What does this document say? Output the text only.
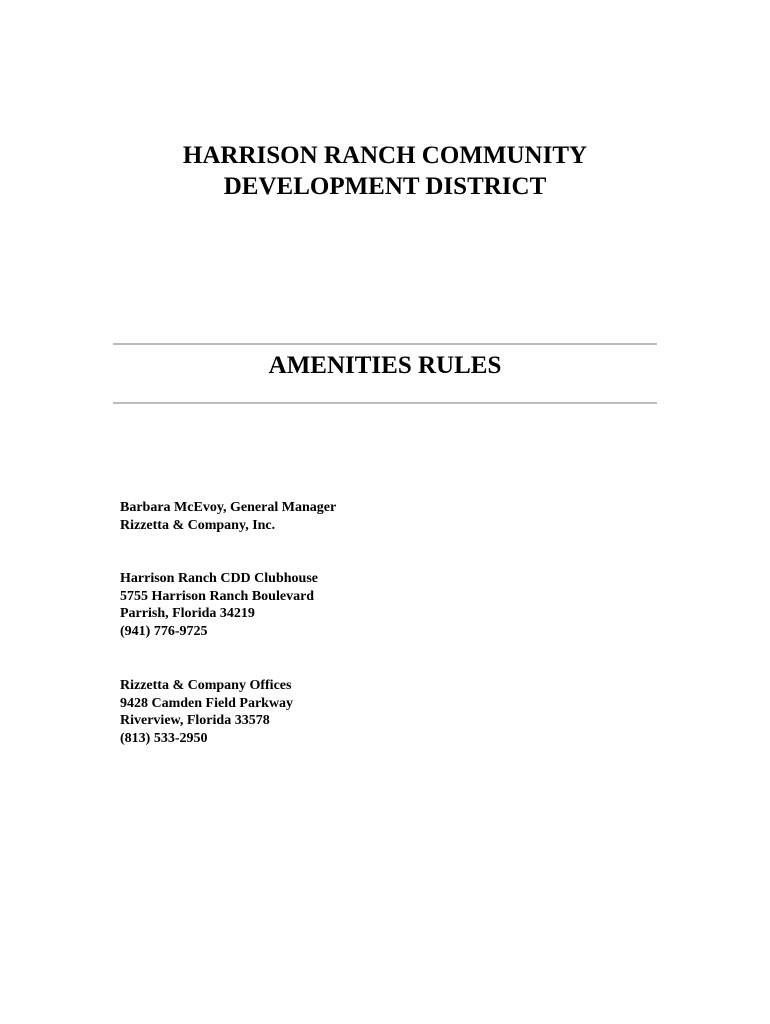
HARRISON RANCH COMMUNITY
DEVELOPMENT DISTRICT
AMENITIES RULES
Barbara McEvoy, General Manager
Rizzetta & Company, Inc.
Harrison Ranch CDD Clubhouse
5755 Harrison Ranch Boulevard
Parrish, Florida 34219
(941) 776-9725
Rizzetta & Company Offices
9428 Camden Field Parkway
Riverview, Florida 33578
(813) 533-2950
